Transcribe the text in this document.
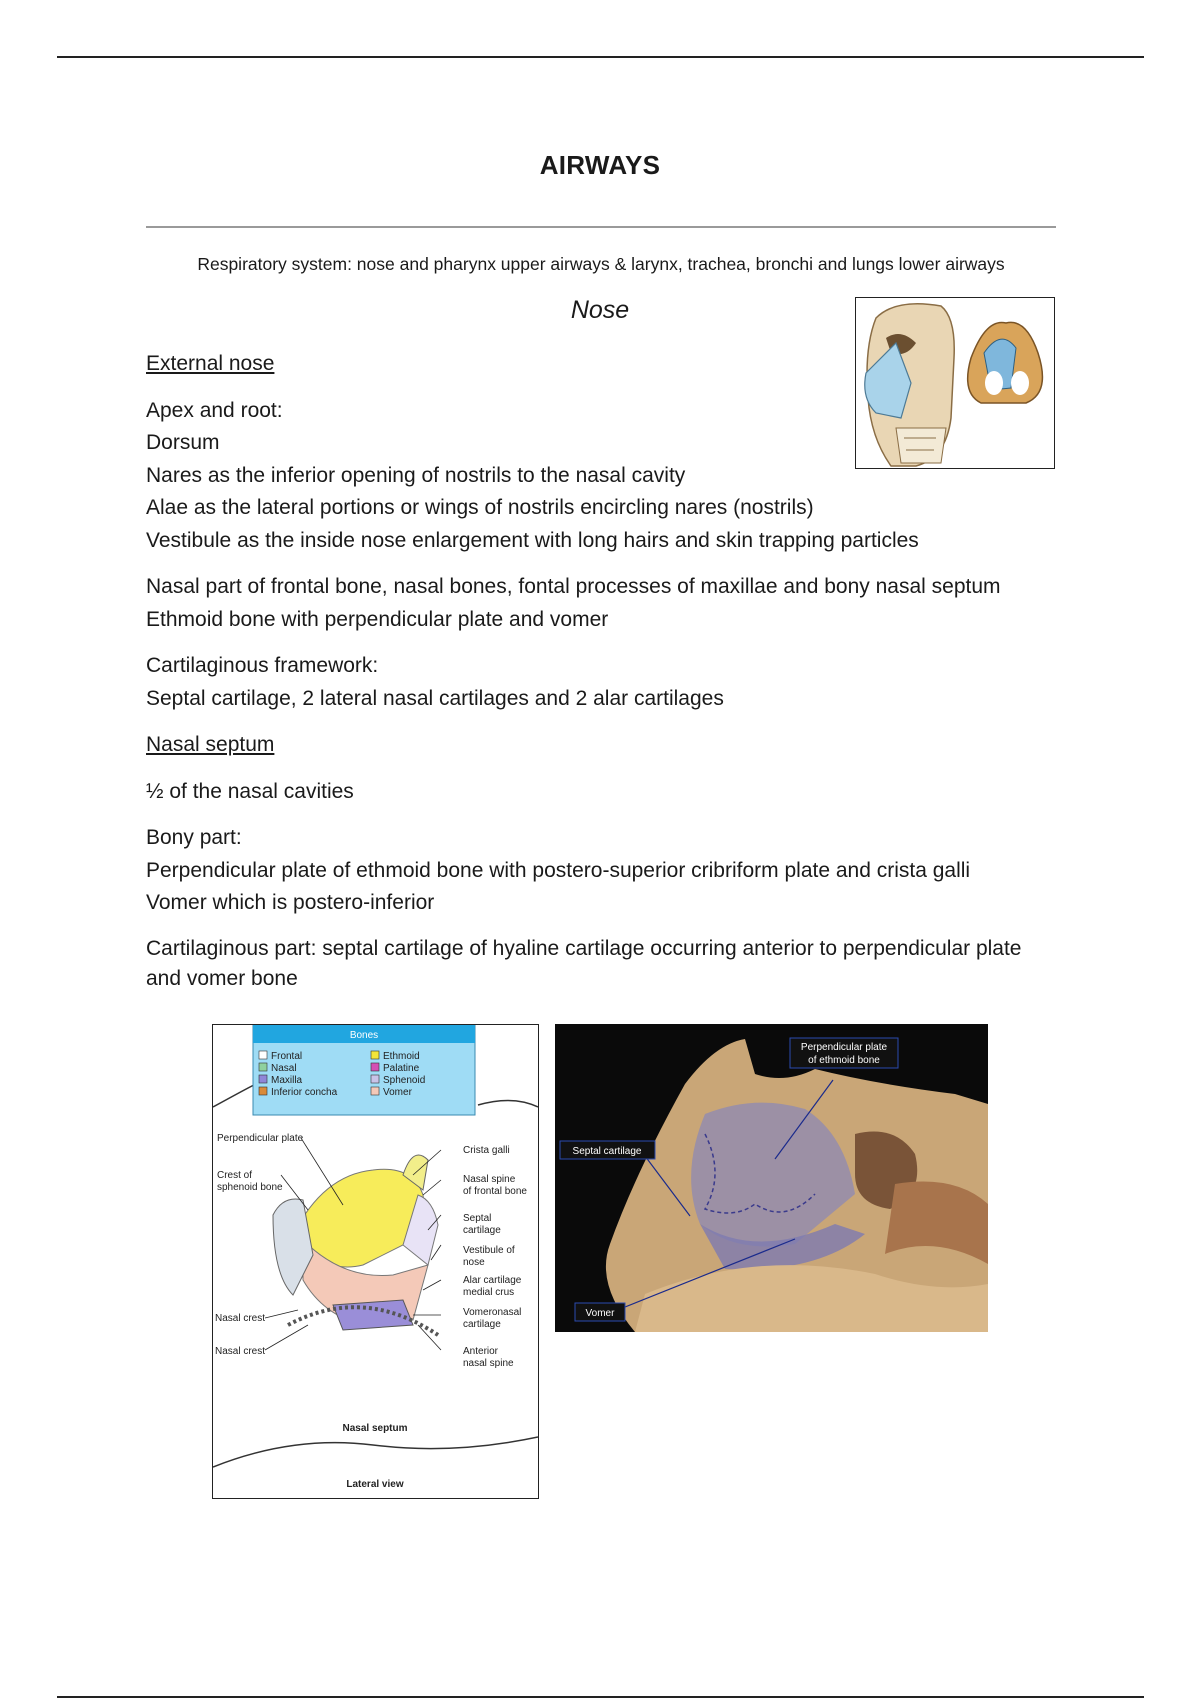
AIRWAYS
Respiratory system: nose and pharynx upper airways & larynx, trachea, bronchi and lungs lower airways
Nose

External nose

Apex and root:

Dorsum

Nares as the inferior opening of nostrils to the nasal cavity

Alae as the lateral portions or wings of nostrils encircling nares (nostrils)

Vestibule as the inside nose enlargement with long hairs and skin trapping particles

Nasal part of frontal bone, nasal bones, fontal processes of maxillae and bony nasal septum

Ethmoid bone with perpendicular plate and vomer

Cartilaginous framework:

Septal cartilage, 2 lateral nasal cartilages and 2 alar cartilages

Nasal septum

½ of the nasal cavities

Bony part:

Perpendicular plate of ethmoid bone with postero-superior cribriform plate and crista galli

Vomer which is postero-inferior

Cartilaginous part: septal cartilage of hyaline cartilage occurring anterior to perpendicular plate and vomer bone

Bones
Frontal
Nasal
Maxilla
Inferior concha
Ethmoid
Palatine
Sphenoid
Vomer
Perpendicular plate
Crest of
sphenoid bone
Nasal crest
Nasal crest
Crista galli
Nasal spine
of frontal bone
Septal
cartilage
Vestibule of
nose
Alar cartilage
medial crus
Vomeronasal
cartilage
Anterior
nasal spine
Nasal septum
Lateral view
Septal cartilage
Perpendicular plate
of ethmoid bone
Vomer
